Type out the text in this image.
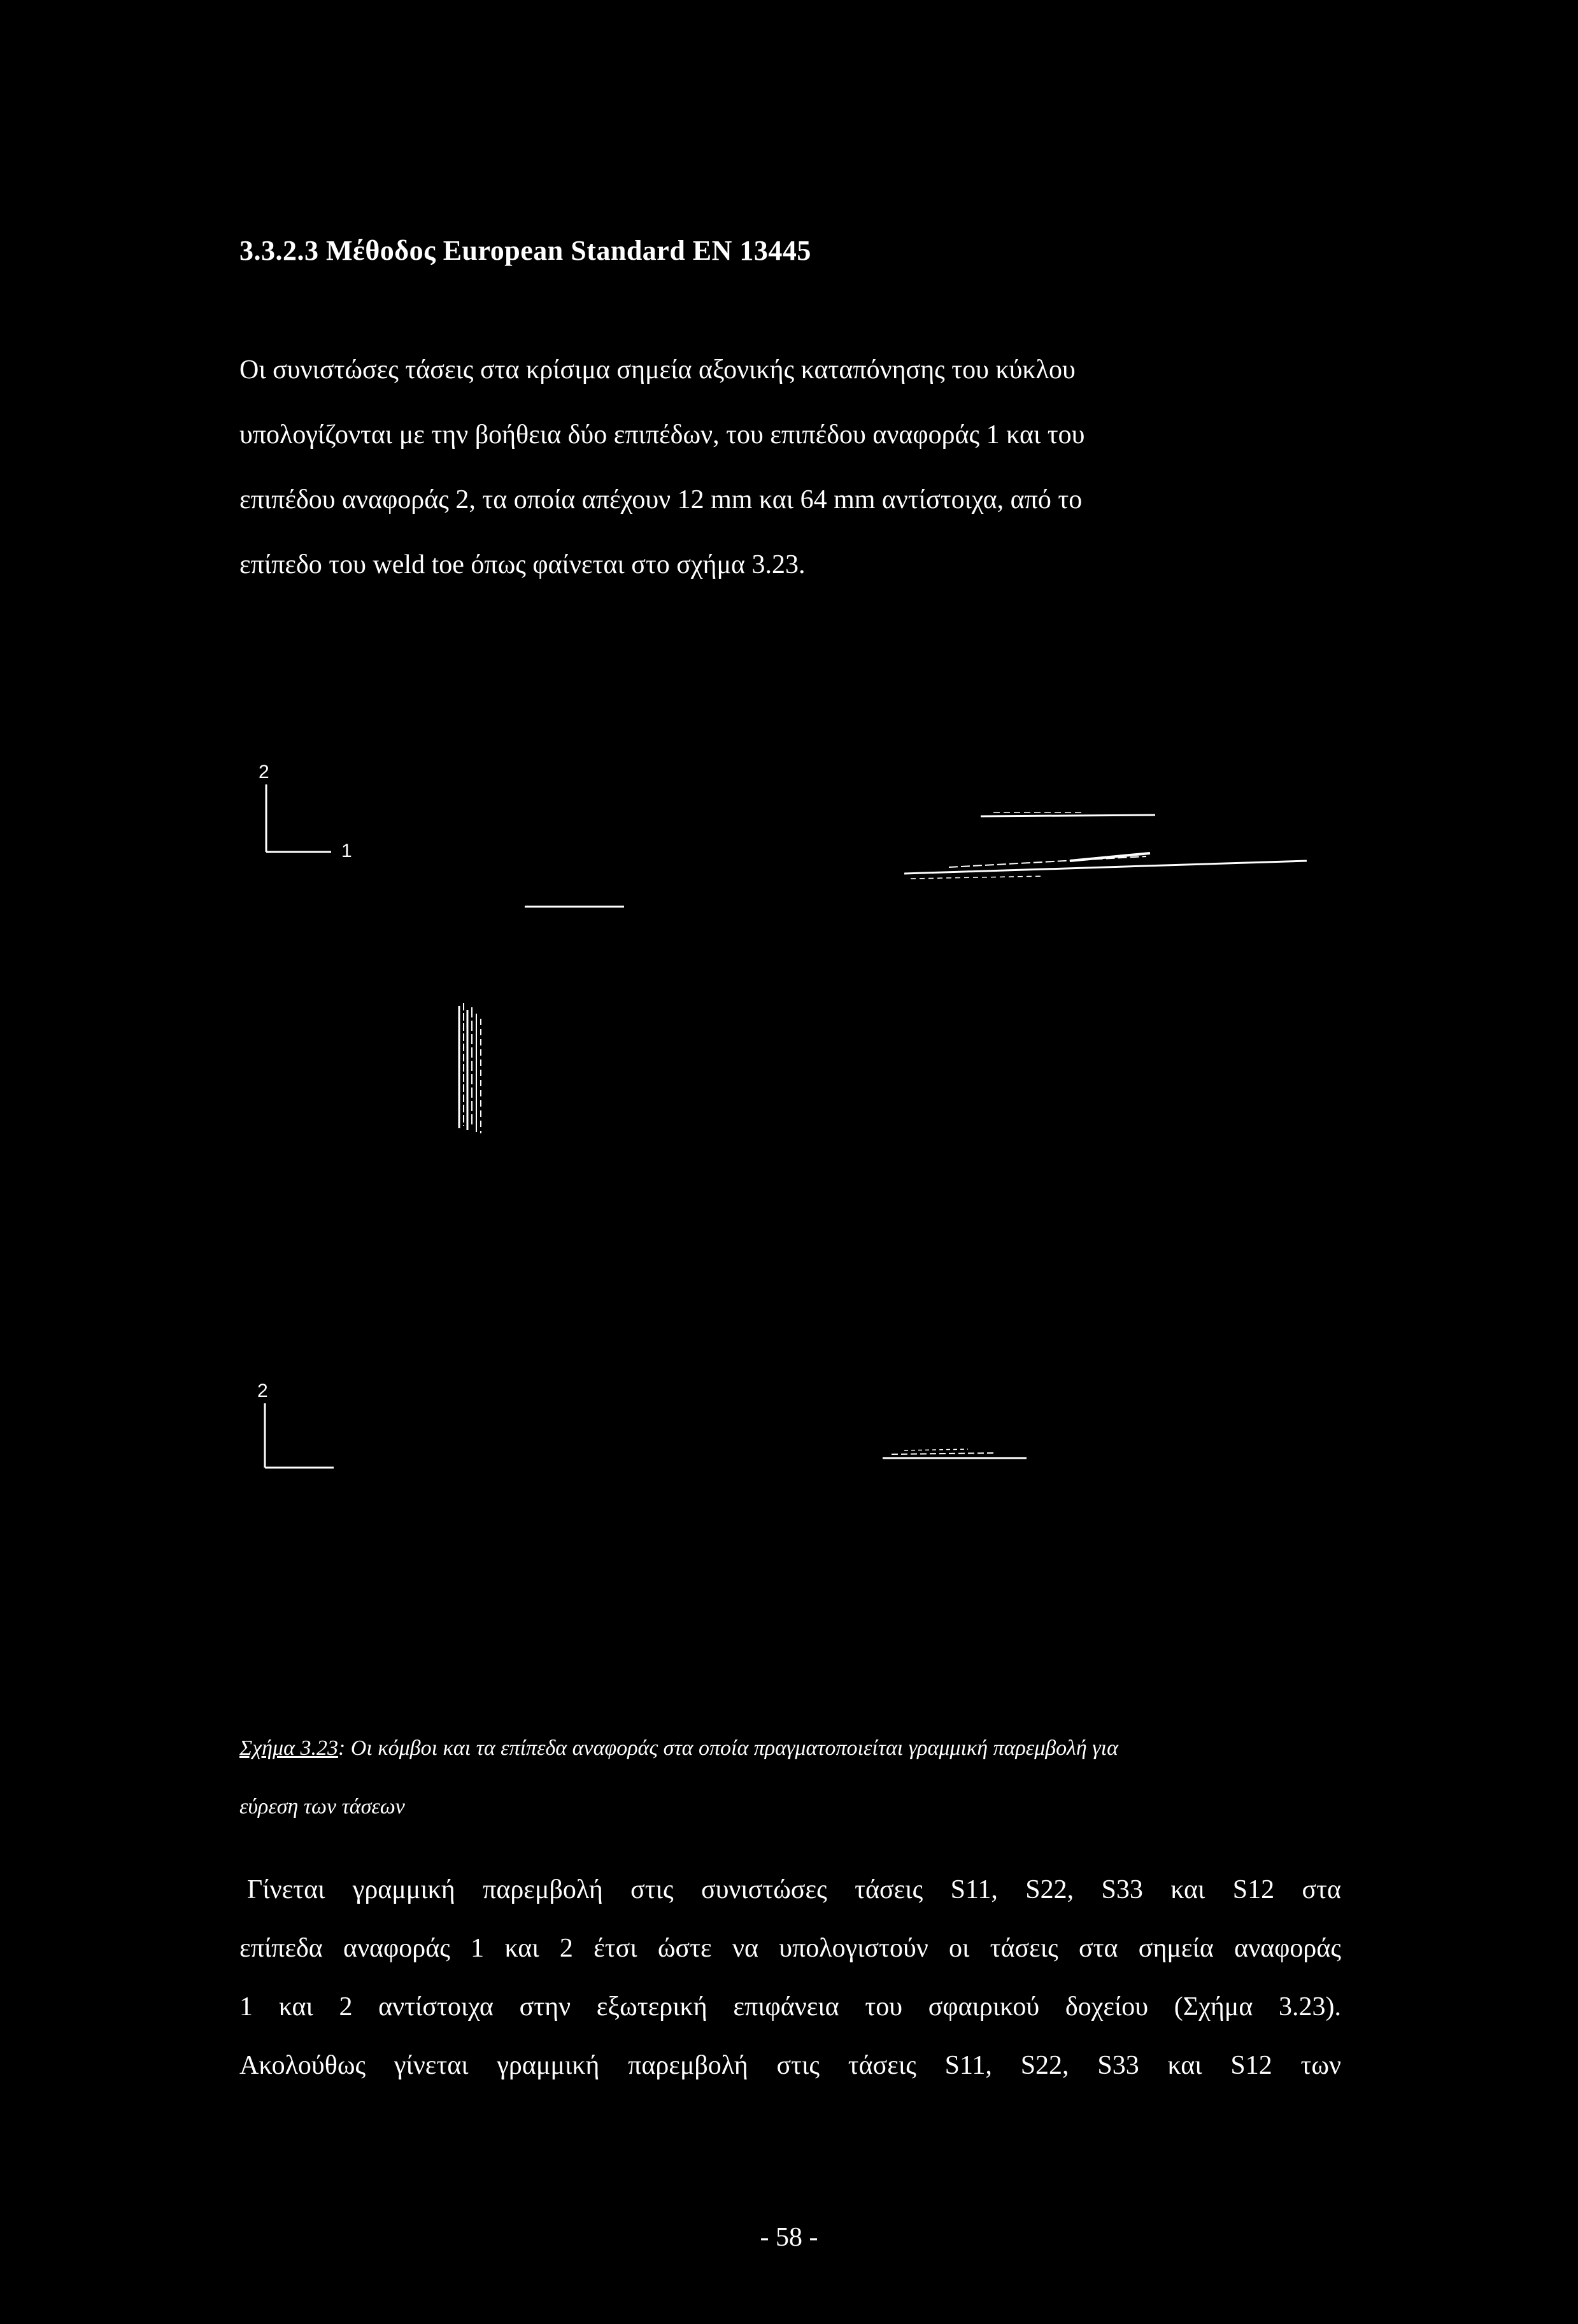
3.3.2.3 Μέθοδος European Standard EN 13445
Οι συνιστώσες τάσεις στα κρίσιμα σημεία αξονικής καταπόνησης του κύκλου
υπολογίζονται με την βοήθεια δύο επιπέδων, του επιπέδου αναφοράς 1 και του
επιπέδου αναφοράς 2, τα οποία απέχουν 12 mm και 64 mm αντίστοιχα, από το
επίπεδο του weld toe όπως φαίνεται στο σχήμα 3.23.
2
1
2
Σχήμα 3.23: Οι κόμβοι και τα επίπεδα αναφοράς στα οποία πραγματοποιείται γραμμική παρεμβολή για
εύρεση των τάσεων
Γίνεται γραμμική παρεμβολή στις συνιστώσες τάσεις S11, S22, S33 και S12 στα
επίπεδα αναφοράς 1 και 2 έτσι ώστε να υπολογιστούν οι τάσεις στα σημεία αναφοράς
1 και 2 αντίστοιχα στην εξωτερική επιφάνεια του σφαιρικού δοχείου (Σχήμα 3.23).
Ακολούθως γίνεται γραμμική παρεμβολή στις τάσεις S11, S22, S33 και S12 των
- 58 -
